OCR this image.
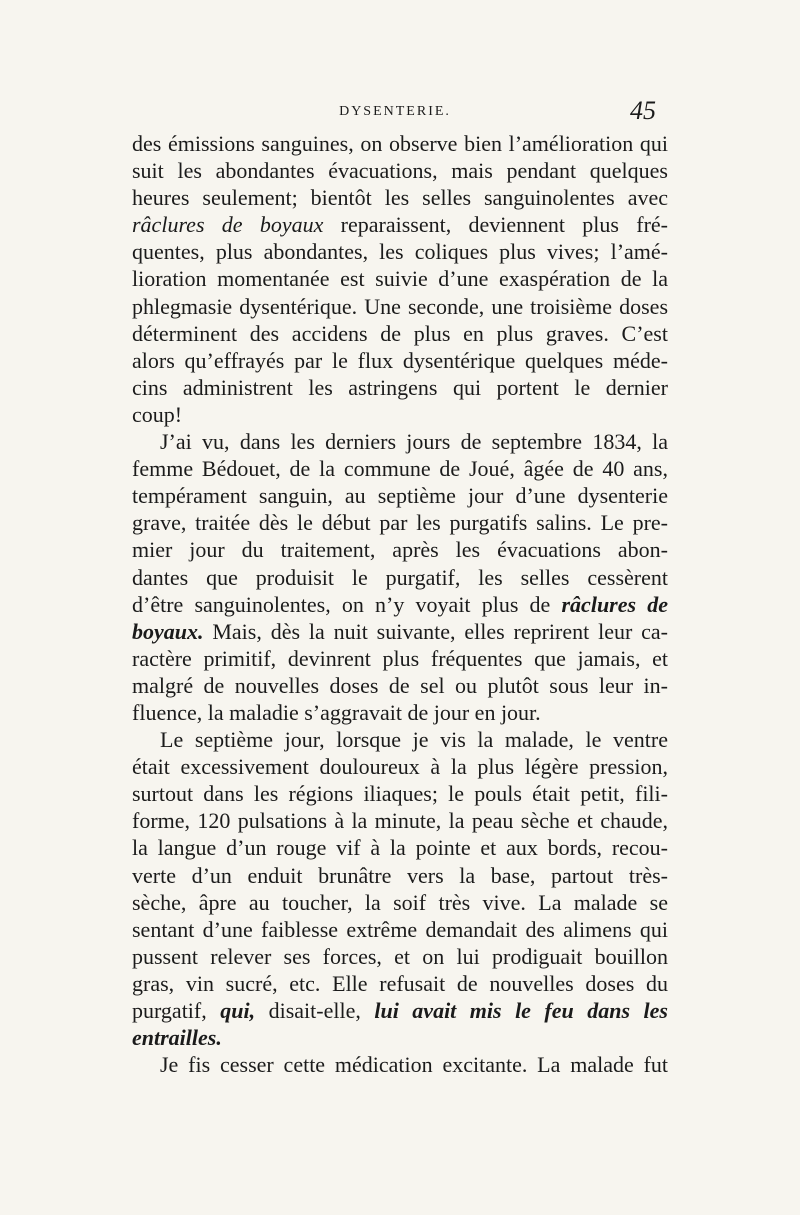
DYSENTERIE.	45
des émissions sanguines, on observe bien l’amélioration qui
suit les abondantes évacuations, mais pendant quelques
heures seulement; bientôt les selles sanguinolentes avec
râclures de boyaux reparaissent, deviennent plus fré-
quentes, plus abondantes, les coliques plus vives; l’amé-
lioration momentanée est suivie d’une exaspération de la
phlegmasie dysentérique. Une seconde, une troisième doses
déterminent des accidens de plus en plus graves. C’est
alors qu’effrayés par le flux dysentérique quelques méde-
cins administrent les astringens qui portent le dernier
coup!
J’ai vu, dans les derniers jours de septembre 1834, la
femme Bédouet, de la commune de Joué, âgée de 40 ans,
tempérament sanguin, au septième jour d’une dysenterie
grave, traitée dès le début par les purgatifs salins. Le pre-
mier jour du traitement, après les évacuations abon-
dantes que produisit le purgatif, les selles cessèrent
d’être sanguinolentes, on n’y voyait plus de râclures de
boyaux. Mais, dès la nuit suivante, elles reprirent leur ca-
ractère primitif, devinrent plus fréquentes que jamais, et
malgré de nouvelles doses de sel ou plutôt sous leur in-
fluence, la maladie s’aggravait de jour en jour.
Le septième jour, lorsque je vis la malade, le ventre
était excessivement douloureux à la plus légère pression,
surtout dans les régions iliaques; le pouls était petit, fili-
forme, 120 pulsations à la minute, la peau sèche et chaude,
la langue d’un rouge vif à la pointe et aux bords, recou-
verte d’un enduit brunâtre vers la base, partout très-
sèche, âpre au toucher, la soif très vive. La malade se
sentant d’une faiblesse extrême demandait des alimens qui
pussent relever ses forces, et on lui prodiguait bouillon
gras, vin sucré, etc. Elle refusait de nouvelles doses du
purgatif, qui, disait-elle, lui avait mis le feu dans les
entrailles.
Je fis cesser cette médication excitante. La malade fut
